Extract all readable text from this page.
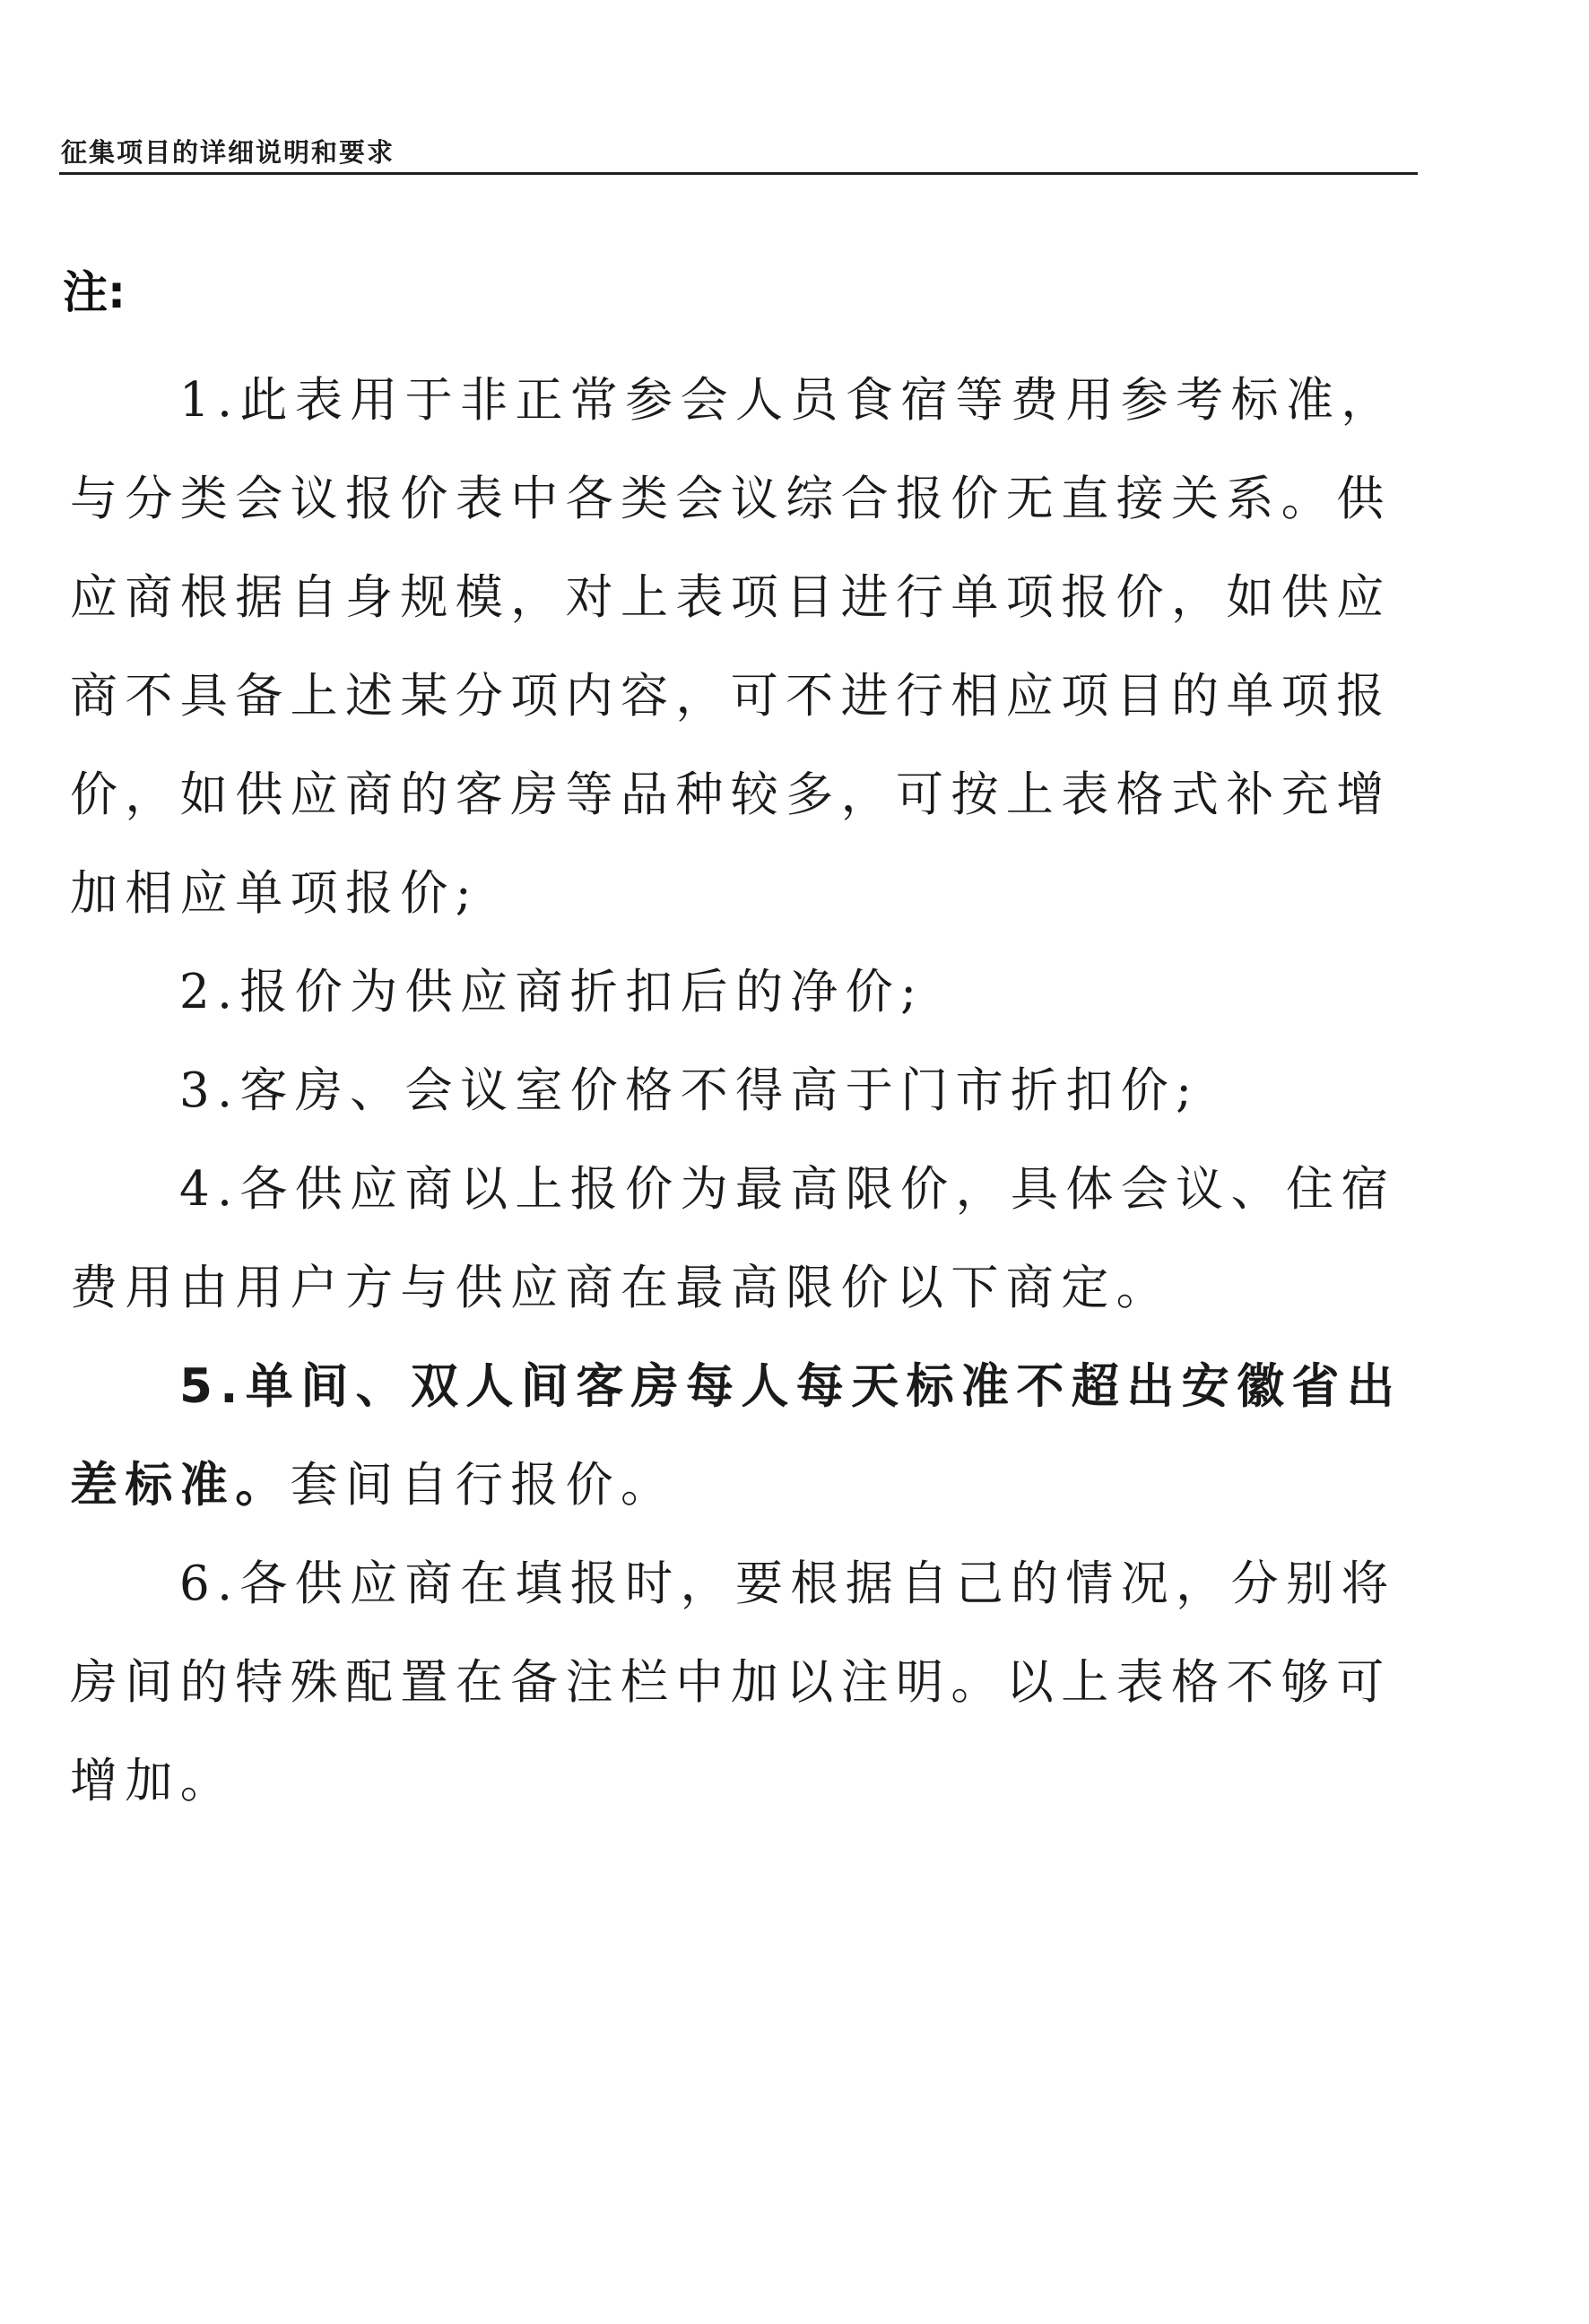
征集项目的详细说明和要求
注:

1.此表用于非正常参会人员食宿等费用参考标准，与分类会议报价表中各类会议综合报价无直接关系。供应商根据自身规模，对上表项目进行单项报价，如供应商不具备上述某分项内容，可不进行相应项目的单项报价，如供应商的客房等品种较多，可按上表格式补充增加相应单项报价;

2.报价为供应商折扣后的净价;

3.客房、会议室价格不得高于门市折扣价;

4.各供应商以上报价为最高限价，具体会议、住宿费用由用户方与供应商在最高限价以下商定。

5.单间、双人间客房每人每天标准不超出安徽省出差标准。套间自行报价。

6.各供应商在填报时，要根据自己的情况，分别将房间的特殊配置在备注栏中加以注明。以上表格不够可增加。
